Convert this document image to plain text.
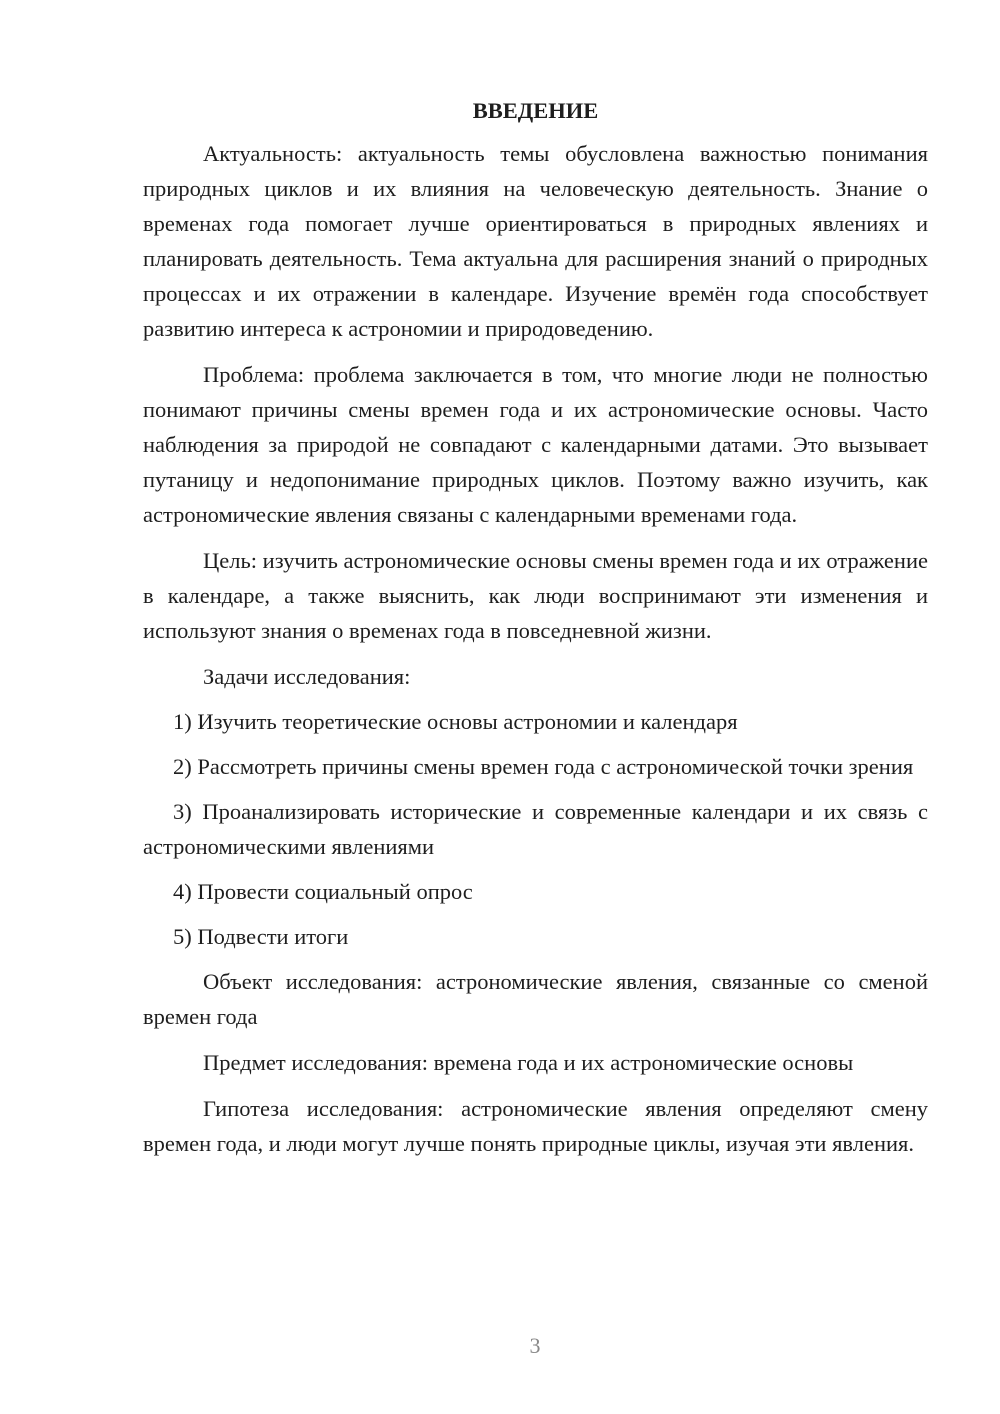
ВВЕДЕНИЕ

Актуальность: актуальность темы обусловлена важностью понимания природных циклов и их влияния на человеческую деятельность. Знание о временах года помогает лучше ориентироваться в природных явлениях и планировать деятельность. Тема актуальна для расширения знаний о природных процессах и их отражении в календаре. Изучение времён года способствует развитию интереса к астрономии и природоведению.

Проблема: проблема заключается в том, что многие люди не полностью понимают причины смены времен года и их астрономические основы. Часто наблюдения за природой не совпадают с календарными датами. Это вызывает путаницу и недопонимание природных циклов. Поэтому важно изучить, как астрономические явления связаны с календарными временами года.

Цель: изучить астрономические основы смены времен года и их отражение в календаре, а также выяснить, как люди воспринимают эти изменения и используют знания о временах года в повседневной жизни.

Задачи исследования:

1) Изучить теоретические основы астрономии и календаря

2) Рассмотреть причины смены времен года с астрономической точки зрения

3) Проанализировать исторические и современные календари и их связь с астрономическими явлениями

4) Провести социальный опрос

5) Подвести итоги

Объект исследования: астрономические явления, связанные со сменой времен года

Предмет исследования: времена года и их астрономические основы

Гипотеза исследования: астрономические явления определяют смену времен года, и люди могут лучше понять природные циклы, изучая эти явления.

3
